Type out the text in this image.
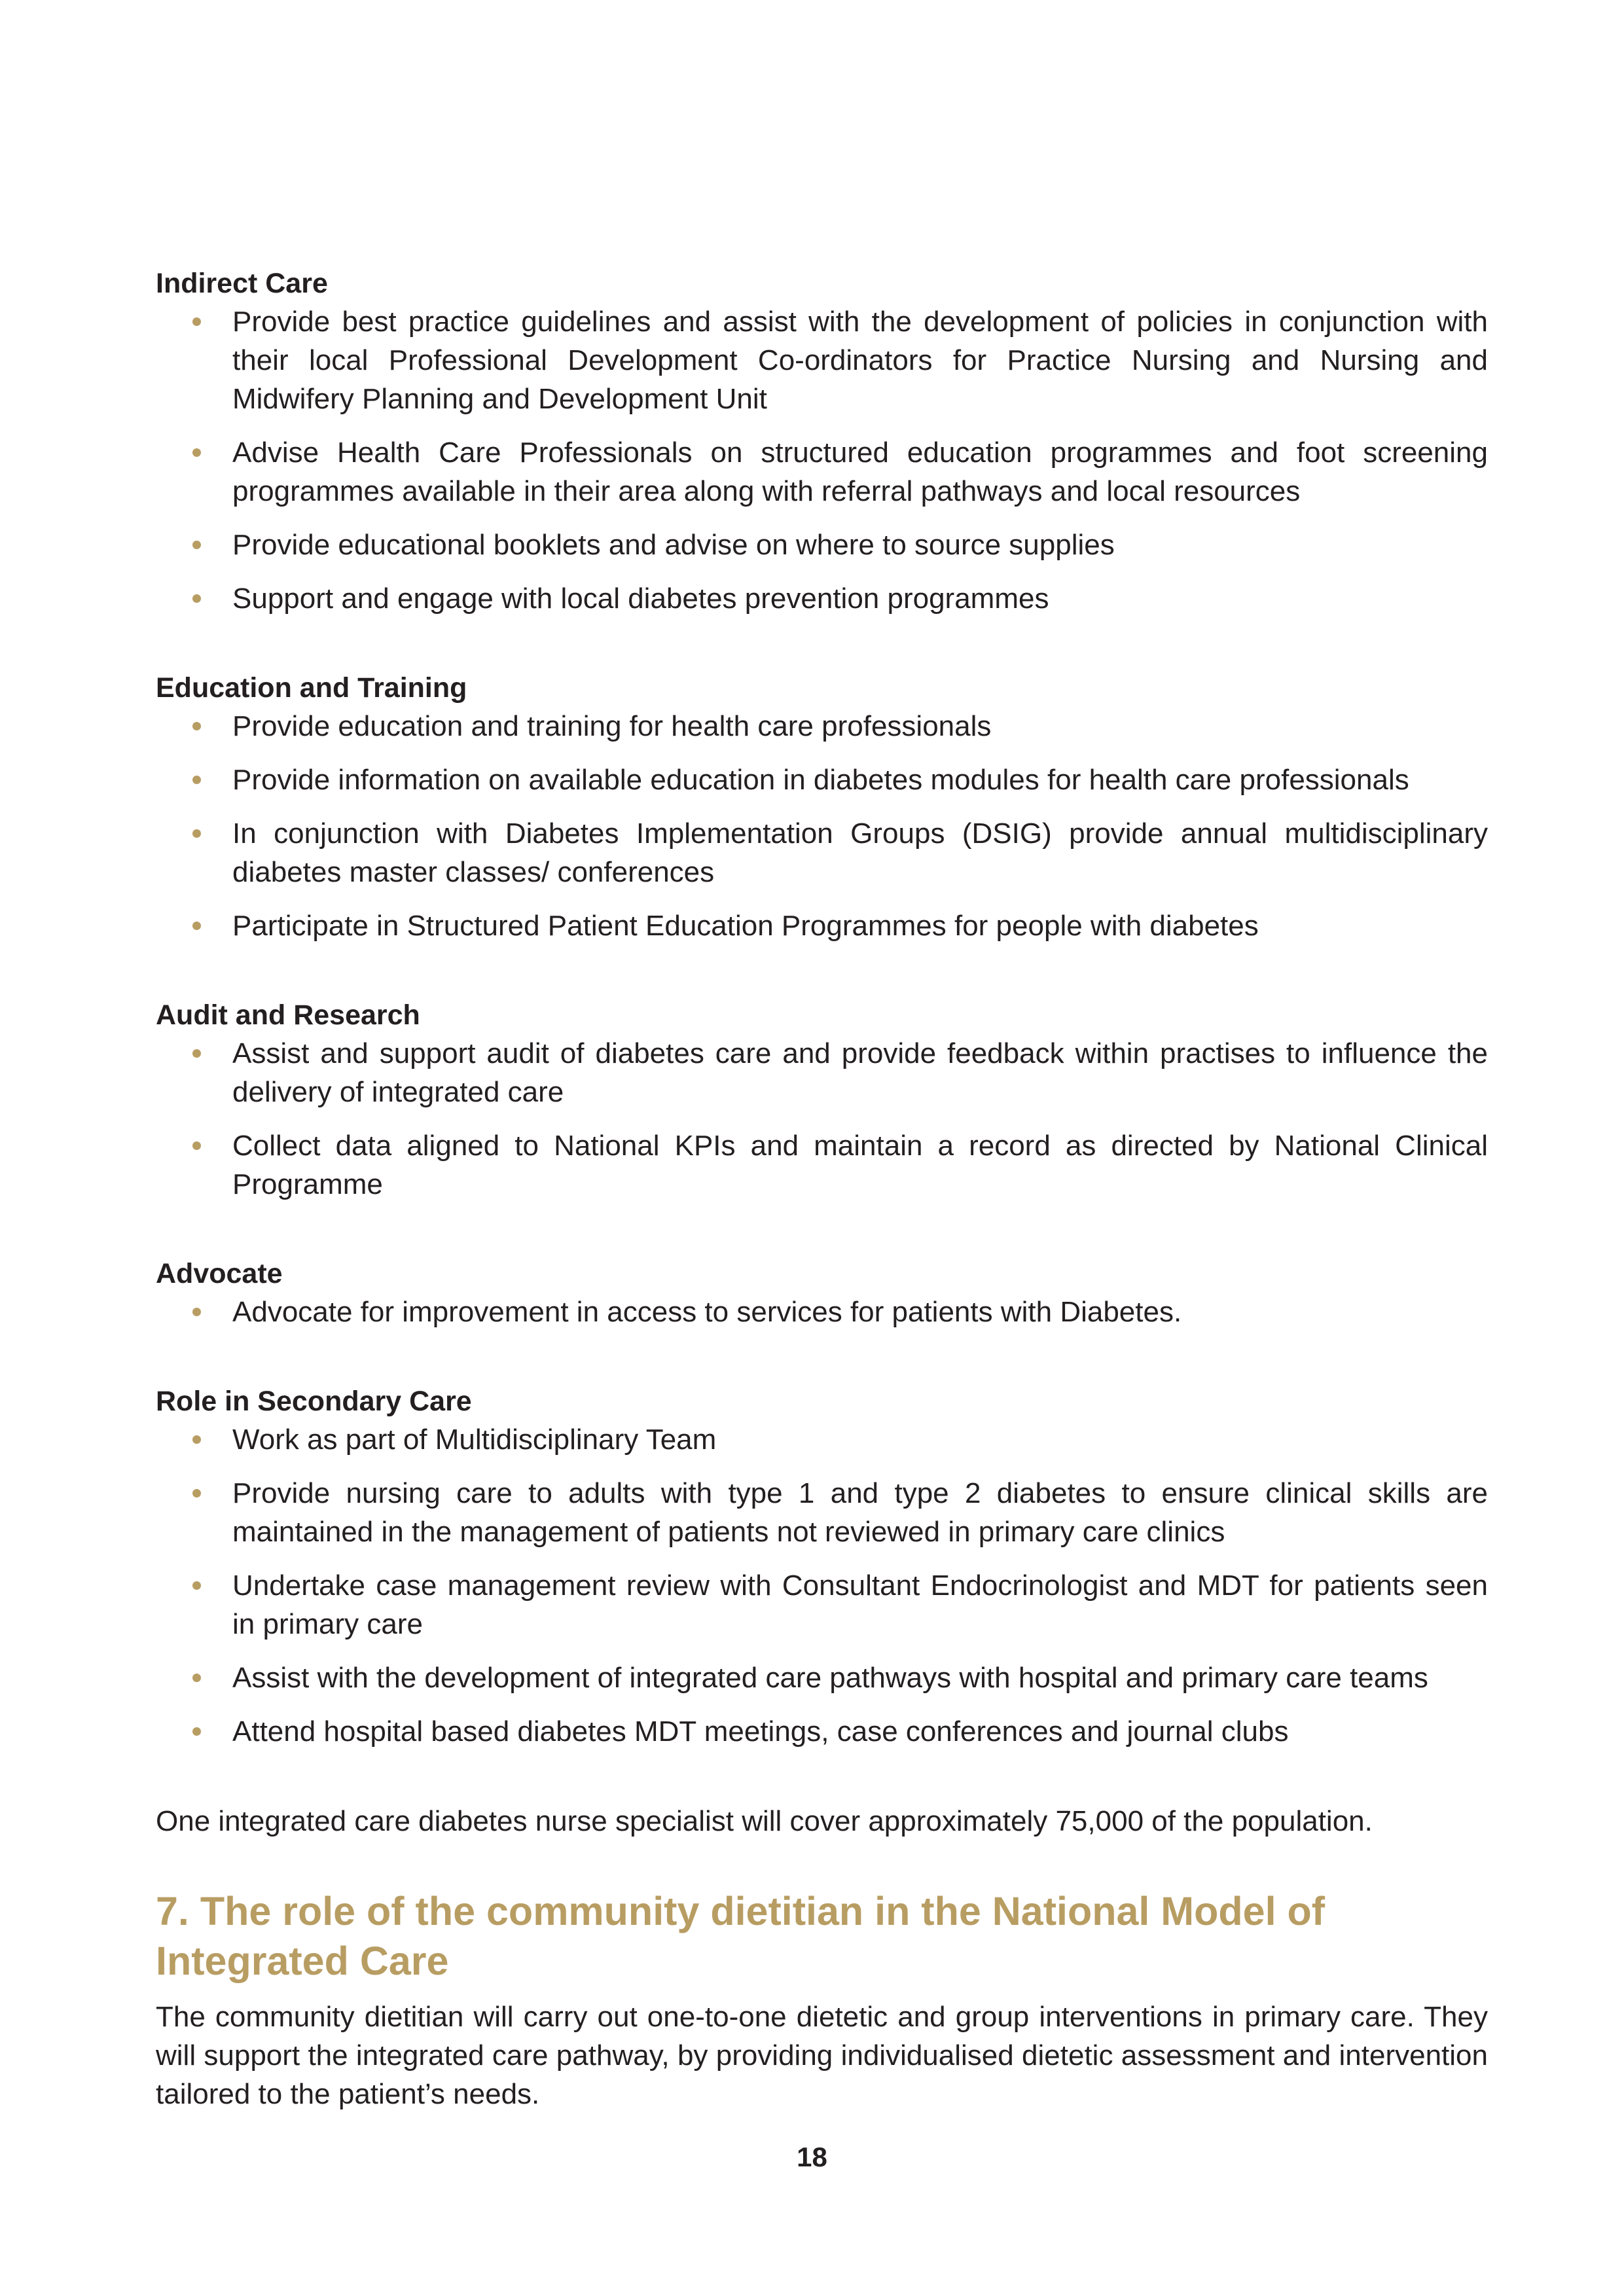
Indirect Care
Provide best practice guidelines and assist with the development of policies in conjunction with their local Professional Development Co-ordinators for Practice Nursing and Nursing and Midwifery Planning and Development Unit
Advise Health Care Professionals on structured education programmes and foot screening programmes available in their area along with referral pathways and local resources
Provide educational booklets and advise on where to source supplies
Support and engage with local diabetes prevention programmes
Education and Training
Provide education and training for health care professionals
Provide information on available education in diabetes modules for health care professionals
In conjunction with Diabetes Implementation Groups (DSIG) provide annual multidisciplinary diabetes master classes/ conferences
Participate in Structured Patient Education Programmes for people with diabetes
Audit and Research
Assist and support audit of diabetes care and provide feedback within practises to influence the delivery of integrated care
Collect data aligned to National KPIs and maintain a record as directed by National Clinical Programme
Advocate
Advocate for improvement in access to services for patients with Diabetes.
Role in Secondary Care
Work as part of Multidisciplinary Team
Provide nursing care to adults with type 1 and type 2 diabetes to ensure clinical skills are maintained in the management of patients not reviewed in primary care clinics
Undertake case management review with Consultant Endocrinologist and MDT for patients seen in primary care
Assist with the development of integrated care pathways with hospital and primary care teams
Attend hospital based diabetes MDT meetings, case conferences and journal clubs

One integrated care diabetes nurse specialist will cover approximately 75,000 of the population.

7. The role of the community dietitian in the National Model of Integrated Care

The community dietitian will carry out one-to-one dietetic and group interventions in primary care. They will support the integrated care pathway, by providing individualised dietetic assessment and intervention tailored to the patient’s needs.

18
